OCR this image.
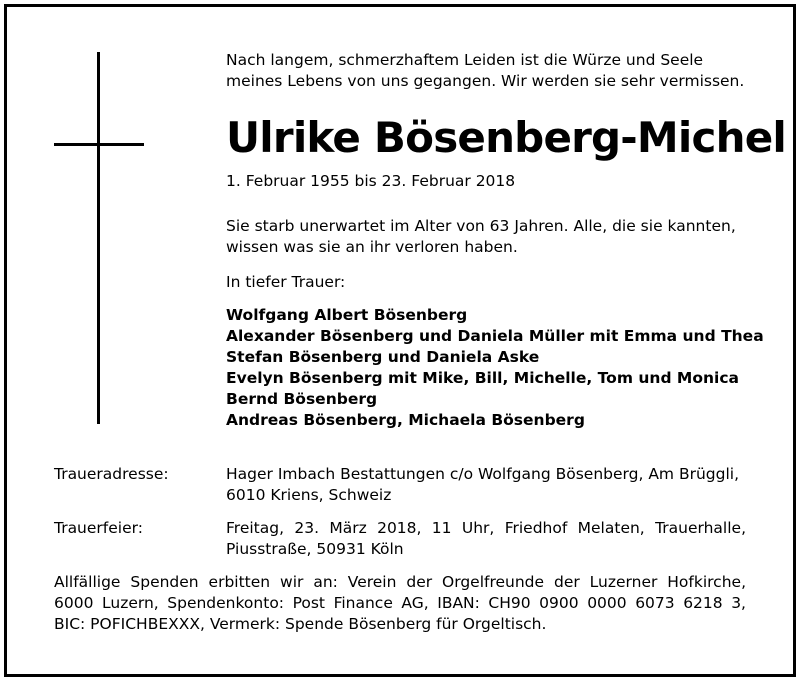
Nach langem, schmerzhaftem Leiden ist die Würze und Seele
meines Lebens von uns gegangen. Wir werden sie sehr vermissen.
Ulrike Bösenberg-Michel
1. Februar 1955 bis 23. Februar 2018
Sie starb unerwartet im Alter von 63 Jahren. Alle, die sie kannten,
wissen was sie an ihr verloren haben.
In tiefer Trauer:
Wolfgang Albert Bösenberg
Alexander Bösenberg und Daniela Müller mit Emma und Thea
Stefan Bösenberg und Daniela Aske
Evelyn Bösenberg mit Mike, Bill, Michelle, Tom und Monica
Bernd Bösenberg
Andreas Bösenberg, Michaela Bösenberg
Traueradresse:	Hager Imbach Bestattungen c/o Wolfgang Bösenberg, Am Brüggli,
6010 Kriens, Schweiz
Trauerfeier:	Freitag, 23. März 2018, 11 Uhr, Friedhof Melaten, Trauerhalle,
Piusstraße, 50931 Köln
Allfällige Spenden erbitten wir an: Verein der Orgelfreunde der Luzerner Hofkirche,
6000 Luzern, Spendenkonto: Post Finance AG, IBAN: CH90 0900 0000 6073 6218 3,
BIC: POFICHBEXXX, Vermerk: Spende Bösenberg für Orgeltisch.
